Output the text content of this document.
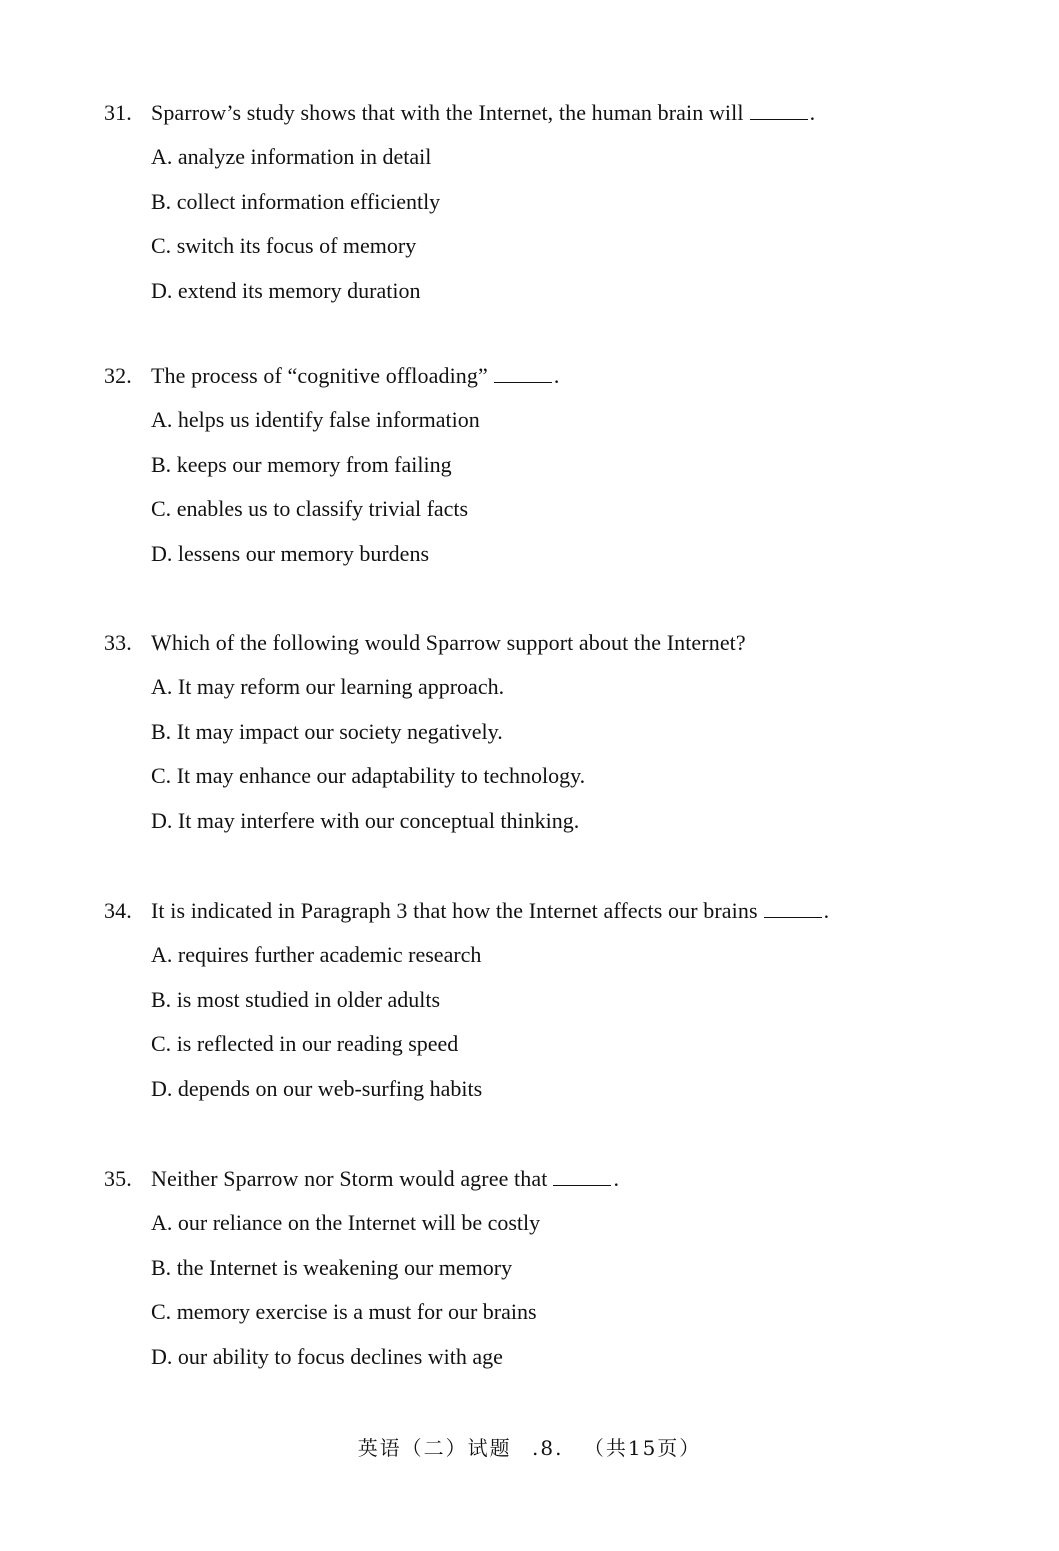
31. Sparrow’s study shows that with the Internet, the human brain will	.
A. analyze information in detail
B. collect information efficiently
C. switch its focus of memory
D. extend its memory duration
32. The process of “cognitive offloading”	.
A. helps us identify false information
B. keeps our memory from failing
C. enables us to classify trivial facts
D. lessens our memory burdens
33. Which of the following would Sparrow support about the Internet?
A. It may reform our learning approach.
B. It may impact our society negatively.
C. It may enhance our adaptability to technology.
D. It may interfere with our conceptual thinking.
34. It is indicated in Paragraph 3 that how the Internet affects our brains	.
A. requires further academic research
B. is most studied in older adults
C. is reflected in our reading speed
D. depends on our web-surfing habits
35. Neither Sparrow nor Storm would agree that	.
A. our reliance on the Internet will be costly
B. the Internet is weakening our memory
C. memory exercise is a must for our brains
D. our ability to focus declines with age
英语（二）试题 .8. （共15页）
